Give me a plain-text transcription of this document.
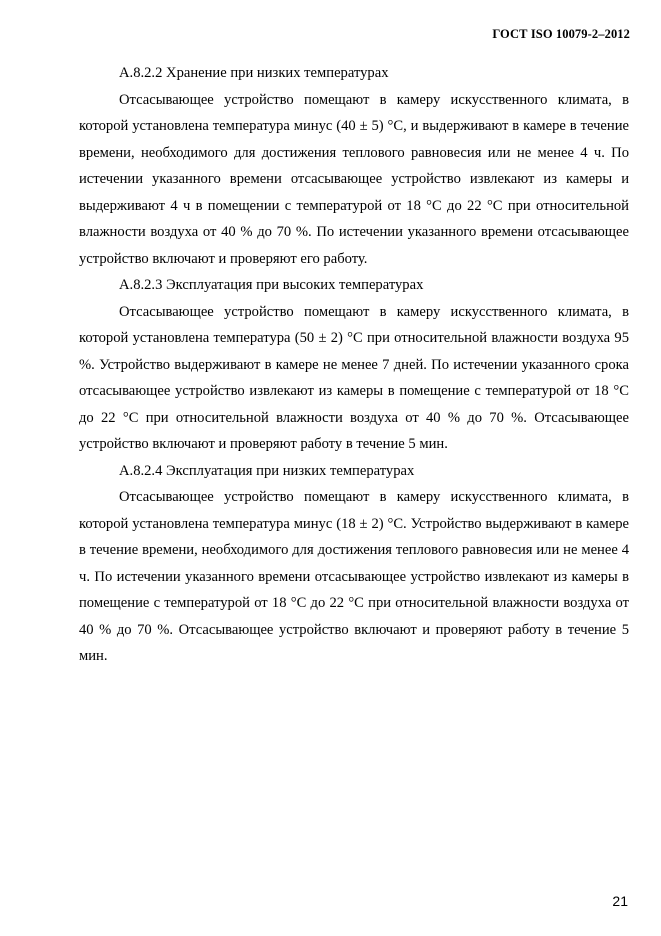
ГОСТ ISO 10079-2–2012

А.8.2.2 Хранение при низких температурах

Отсасывающее устройство помещают в камеру искусственного климата, в которой установлена температура минус (40 ± 5) °С, и выдерживают в камере в течение времени, необходимого для достижения теплового равновесия или не менее 4 ч. По истечении указанного времени отсасывающее устройство извлекают из камеры и выдерживают 4 ч в помещении с температурой от 18 °С до 22 °С при относительной влажности воздуха от 40 % до 70 %. По истечении указанного времени отсасывающее устройство включают и проверяют его работу.

А.8.2.3 Эксплуатация при высоких температурах

Отсасывающее устройство помещают в камеру искусственного климата, в которой установлена температура (50 ± 2) °С при относительной влажности воздуха 95 %. Устройство выдерживают в камере не менее 7 дней. По истечении указанного срока отсасывающее устройство извлекают из камеры в помещение с температурой от 18 °С до 22 °С при относительной влажности воздуха от 40 % до 70 %. Отсасывающее устройство включают и проверяют работу в течение 5 мин.

А.8.2.4 Эксплуатация при низких температурах

Отсасывающее устройство помещают в камеру искусственного климата, в которой установлена температура минус (18 ± 2) °С. Устройство выдерживают в камере в течение времени, необходимого для достижения теплового равновесия или не менее 4 ч. По истечении указанного времени отсасывающее устройство извлекают из камеры в помещение с температурой от 18 °С до 22 °С при относительной влажности воздуха от 40 % до 70 %. Отсасывающее устройство включают и проверяют работу в течение 5 мин.

21
